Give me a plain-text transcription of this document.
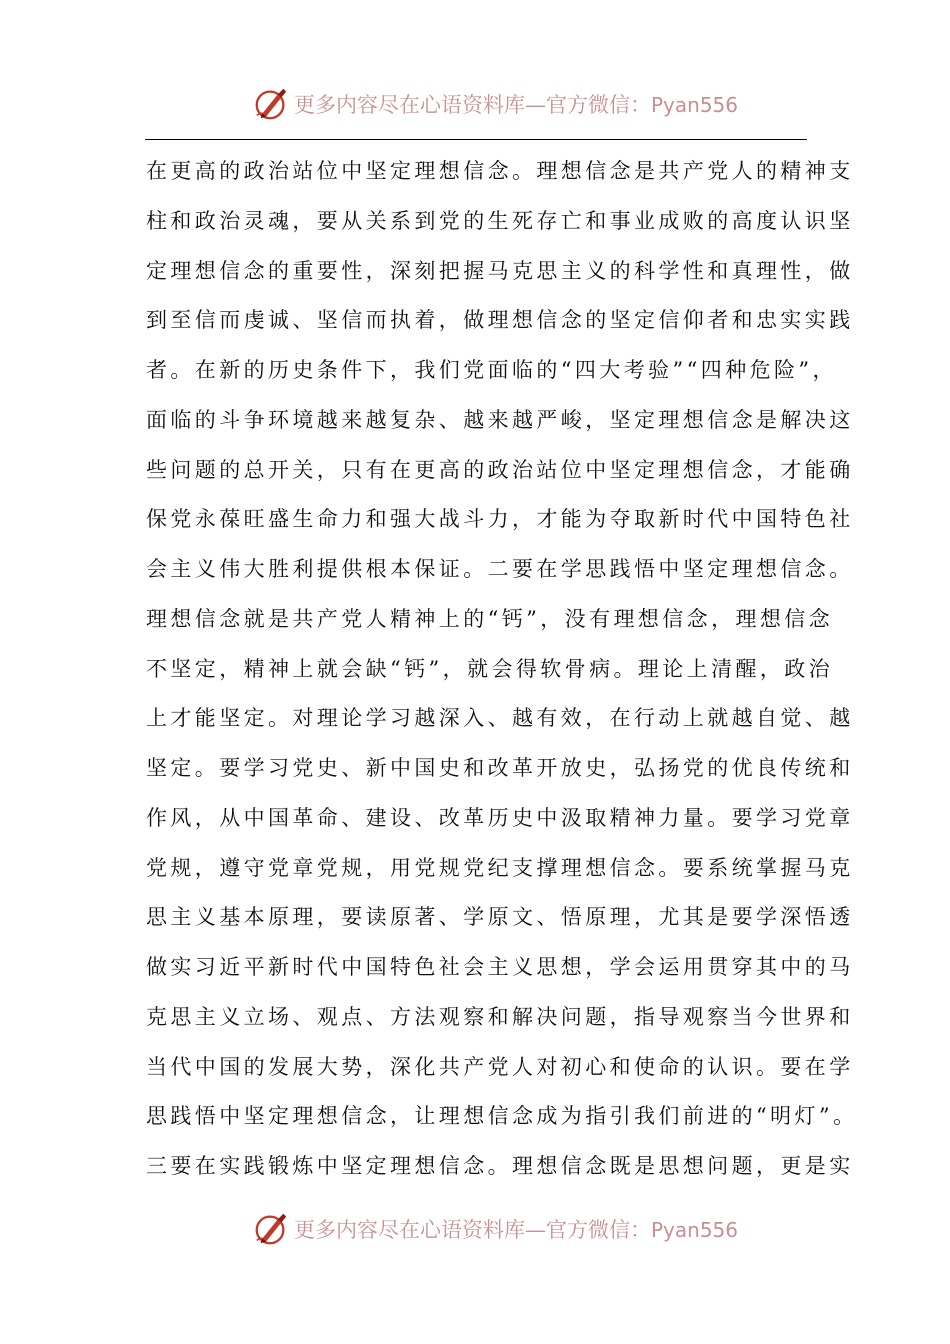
更多内容尽在心语资料库—官方微信：Pyan556
在更高的政治站位中坚定理想信念。理想信念是共产党人的精神支
柱和政治灵魂，要从关系到党的生死存亡和事业成败的高度认识坚
定理想信念的重要性，深刻把握马克思主义的科学性和真理性，做
到至信而虔诚、坚信而执着，做理想信念的坚定信仰者和忠实实践
者。在新的历史条件下，我们党面临的“四大考验”“四种危险”，
面临的斗争环境越来越复杂、越来越严峻，坚定理想信念是解决这
些问题的总开关，只有在更高的政治站位中坚定理想信念，才能确
保党永葆旺盛生命力和强大战斗力，才能为夺取新时代中国特色社
会主义伟大胜利提供根本保证。二要在学思践悟中坚定理想信念。
理想信念就是共产党人精神上的“钙”，没有理想信念，理想信念
不坚定，精神上就会缺“钙”，就会得软骨病。理论上清醒，政治
上才能坚定。对理论学习越深入、越有效，在行动上就越自觉、越
坚定。要学习党史、新中国史和改革开放史，弘扬党的优良传统和
作风，从中国革命、建设、改革历史中汲取精神力量。要学习党章
党规，遵守党章党规，用党规党纪支撑理想信念。要系统掌握马克
思主义基本原理，要读原著、学原文、悟原理，尤其是要学深悟透
做实习近平新时代中国特色社会主义思想，学会运用贯穿其中的马
克思主义立场、观点、方法观察和解决问题，指导观察当今世界和
当代中国的发展大势，深化共产党人对初心和使命的认识。要在学
思践悟中坚定理想信念，让理想信念成为指引我们前进的“明灯”。
三要在实践锻炼中坚定理想信念。理想信念既是思想问题，更是实
更多内容尽在心语资料库—官方微信：Pyan556
